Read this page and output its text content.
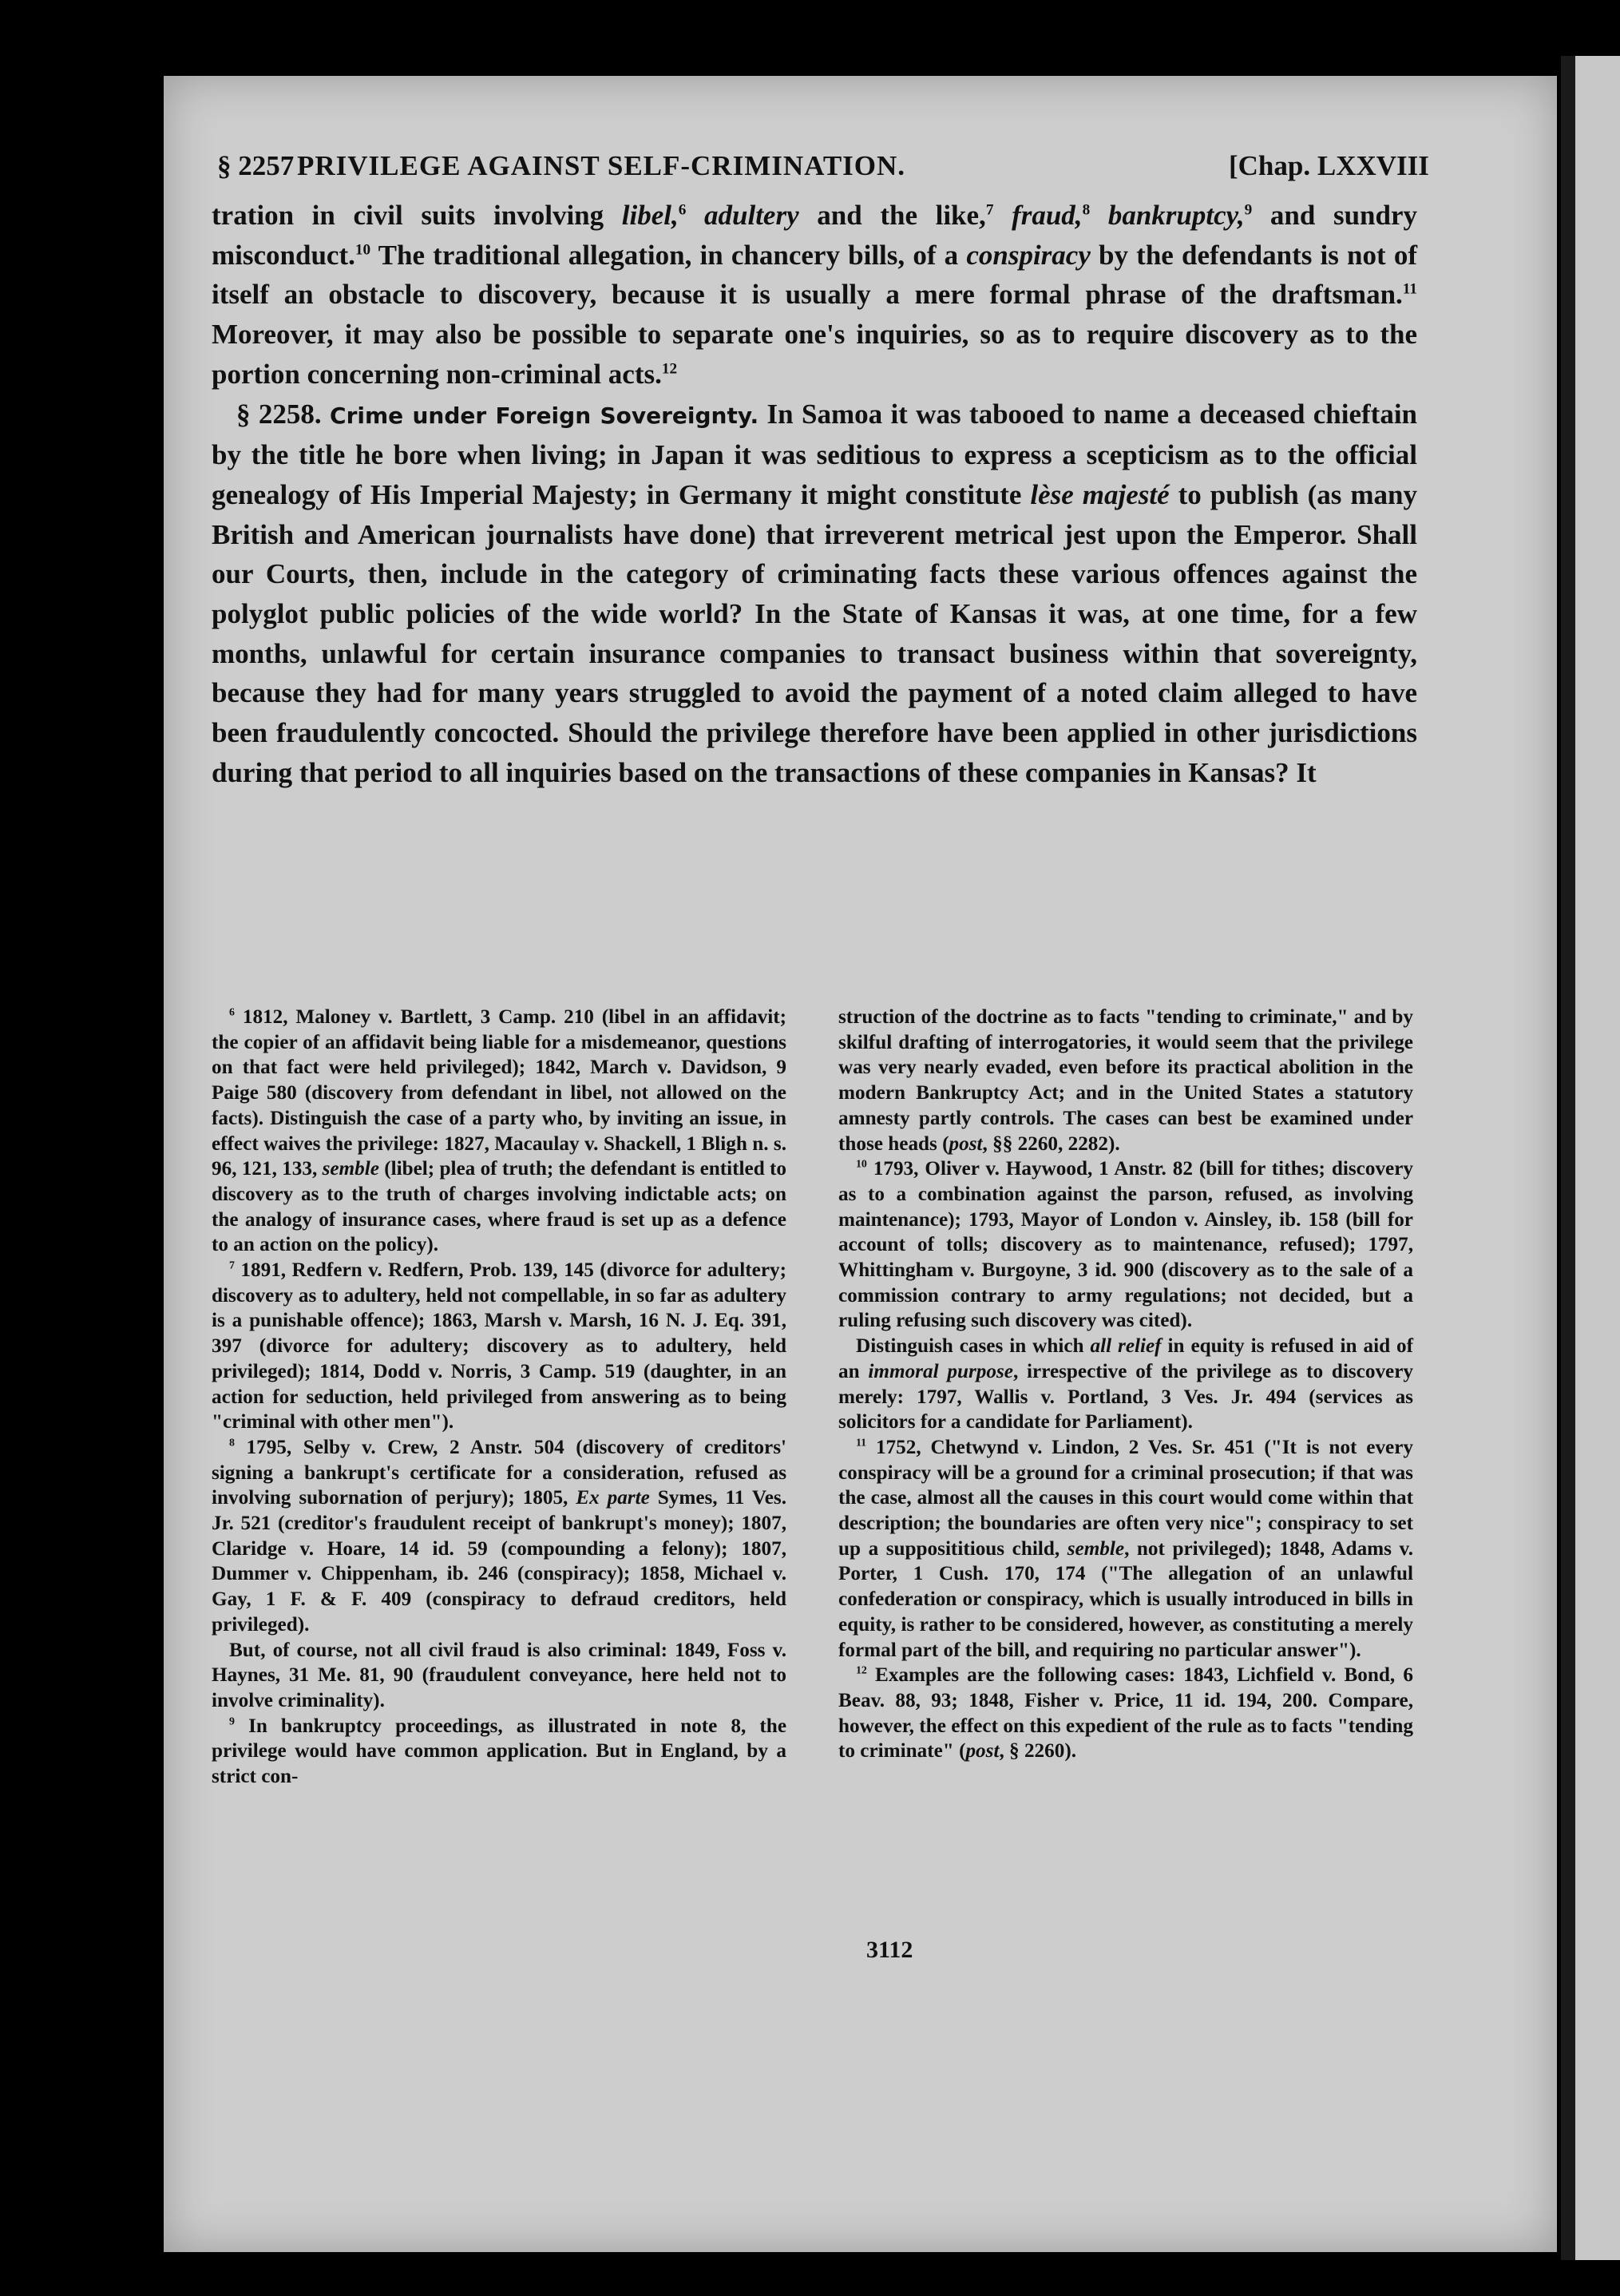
§ 2257 PRIVILEGE AGAINST SELF-CRIMINATION.	[Chap. LXXVIII

tration in civil suits involving libel,$^6$ adultery and the like,$^7$ fraud,$^8$ bankruptcy,$^9$ and sundry misconduct.$^{10}$ The traditional allegation, in chancery bills, of a conspiracy by the defendants is not of itself an obstacle to discovery, because it is usually a mere formal phrase of the draftsman.$^{11}$ Moreover, it may also be possible to separate one's inquiries, so as to require discovery as to the portion concerning non-criminal acts.$^{12}$

§ 2258. Crime under Foreign Sovereignty. In Samoa it was tabooed to name a deceased chieftain by the title he bore when living; in Japan it was seditious to express a scepticism as to the official genealogy of His Imperial Majesty; in Germany it might constitute lèse majesté to publish (as many British and American journalists have done) that irreverent metrical jest upon the Emperor. Shall our Courts, then, include in the category of criminating facts these various offences against the polyglot public policies of the wide world? In the State of Kansas it was, at one time, for a few months, unlawful for certain insurance companies to transact business within that sovereignty, because they had for many years struggled to avoid the payment of a noted claim alleged to have been fraudulently concocted. Should the privilege therefore have been applied in other jurisdictions during that period to all inquiries based on the transactions of these companies in Kansas? It

$^6$ 1812, Maloney v. Bartlett, 3 Camp. 210 (libel in an affidavit; the copier of an affidavit being liable for a misdemeanor, questions on that fact were held privileged); 1842, March v. Davidson, 9 Paige 580 (discovery from defendant in libel, not allowed on the facts). Distinguish the case of a party who, by inviting an issue, in effect waives the privilege: 1827, Macaulay v. Shackell, 1 Bligh n. s. 96, 121, 133, semble (libel; plea of truth; the defendant is entitled to discovery as to the truth of charges involving indictable acts; on the analogy of insurance cases, where fraud is set up as a defence to an action on the policy).

$^7$ 1891, Redfern v. Redfern, Prob. 139, 145 (divorce for adultery; discovery as to adultery, held not compellable, in so far as adultery is a punishable offence); 1863, Marsh v. Marsh, 16 N. J. Eq. 391, 397 (divorce for adultery; discovery as to adultery, held privileged); 1814, Dodd v. Norris, 3 Camp. 519 (daughter, in an action for seduction, held privileged from answering as to being "criminal with other men").

$^8$ 1795, Selby v. Crew, 2 Anstr. 504 (discovery of creditors' signing a bankrupt's certificate for a consideration, refused as involving subornation of perjury); 1805, Ex parte Symes, 11 Ves. Jr. 521 (creditor's fraudulent receipt of bankrupt's money); 1807, Claridge v. Hoare, 14 id. 59 (compounding a felony); 1807, Dummer v. Chippenham, ib. 246 (conspiracy); 1858, Michael v. Gay, 1 F. & F. 409 (conspiracy to defraud creditors, held privileged).

But, of course, not all civil fraud is also criminal: 1849, Foss v. Haynes, 31 Me. 81, 90 (fraudulent conveyance, here held not to involve criminality).

$^9$ In bankruptcy proceedings, as illustrated in note 8, the privilege would have common application. But in England, by a strict con-

struction of the doctrine as to facts "tending to criminate," and by skilful drafting of interrogatories, it would seem that the privilege was very nearly evaded, even before its practical abolition in the modern Bankruptcy Act; and in the United States a statutory amnesty partly controls. The cases can best be examined under those heads (post, §§ 2260, 2282).

$^{10}$ 1793, Oliver v. Haywood, 1 Anstr. 82 (bill for tithes; discovery as to a combination against the parson, refused, as involving maintenance); 1793, Mayor of London v. Ainsley, ib. 158 (bill for account of tolls; discovery as to maintenance, refused); 1797, Whittingham v. Burgoyne, 3 id. 900 (discovery as to the sale of a commission contrary to army regulations; not decided, but a ruling refusing such discovery was cited).

Distinguish cases in which all relief in equity is refused in aid of an immoral purpose, irrespective of the privilege as to discovery merely: 1797, Wallis v. Portland, 3 Ves. Jr. 494 (services as solicitors for a candidate for Parliament).

$^{11}$ 1752, Chetwynd v. Lindon, 2 Ves. Sr. 451 ("It is not every conspiracy will be a ground for a criminal prosecution; if that was the case, almost all the causes in this court would come within that description; the boundaries are often very nice"; conspiracy to set up a supposititious child, semble, not privileged); 1848, Adams v. Porter, 1 Cush. 170, 174 ("The allegation of an unlawful confederation or conspiracy, which is usually introduced in bills in equity, is rather to be considered, however, as constituting a merely formal part of the bill, and requiring no particular answer").

$^{12}$ Examples are the following cases: 1843, Lichfield v. Bond, 6 Beav. 88, 93; 1848, Fisher v. Price, 11 id. 194, 200. Compare, however, the effect on this expedient of the rule as to facts "tending to criminate" (post, § 2260).

3112
